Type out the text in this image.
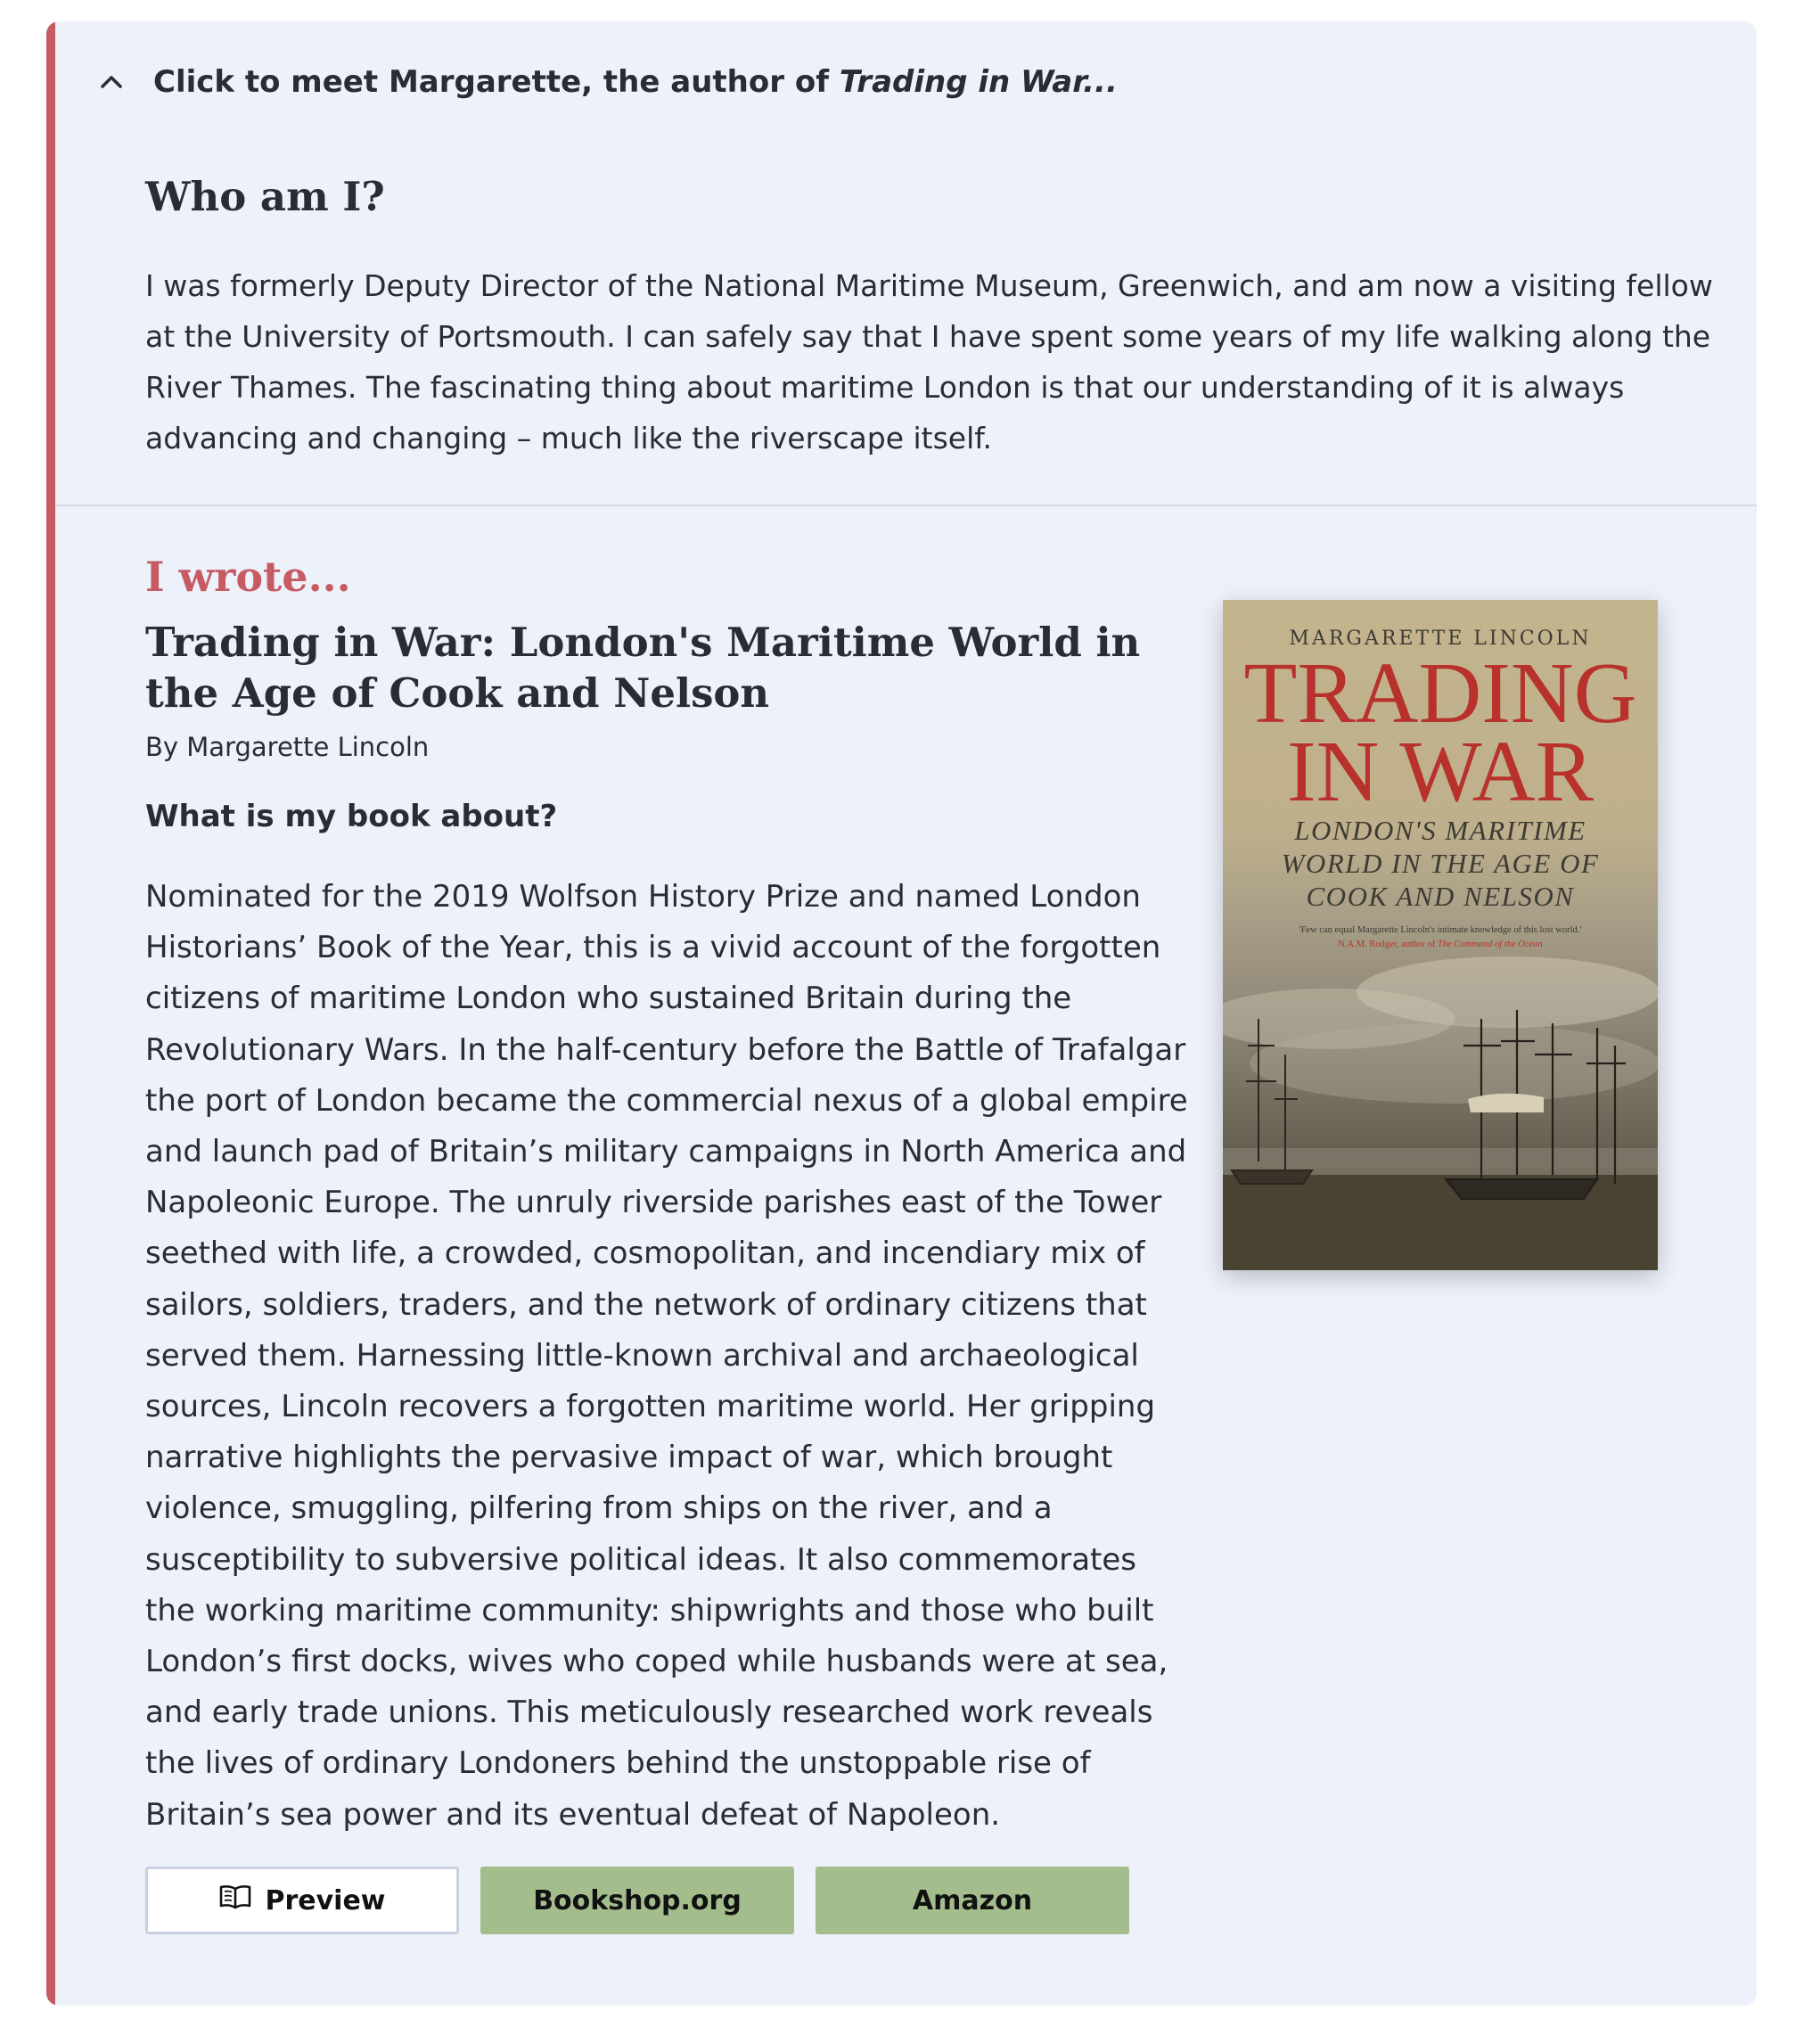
Click to meet Margarette, the author of Trading in War...
Who am I?

I was formerly Deputy Director of the National Maritime Museum, Greenwich, and am now a visiting fellow at the University of Portsmouth. I can safely say that I have spent some years of my life walking along the River Thames. The fascinating thing about maritime London is that our understanding of it is always advancing and changing – much like the riverscape itself.

I wrote...
Trading in War: London's Maritime World in the Age of Cook and Nelson
By Margarette Lincoln
What is my book about?

Nominated for the 2019 Wolfson History Prize and named London Historians’ Book of the Year, this is a vivid account of the forgotten citizens of maritime London who sustained Britain during the Revolutionary Wars. In the half-century before the Battle of Trafalgar the port of London became the commercial nexus of a global empire and launch pad of Britain’s military campaigns in North America and Napoleonic Europe. The unruly riverside parishes east of the Tower seethed with life, a crowded, cosmopolitan, and incendiary mix of sailors, soldiers, traders, and the network of ordinary citizens that served them. Harnessing little-known archival and archaeological sources, Lincoln recovers a forgotten maritime world. Her gripping narrative highlights the pervasive impact of war, which brought violence, smuggling, pilfering from ships on the river, and a susceptibility to subversive political ideas. It also commemorates the working maritime community: shipwrights and those who built London’s first docks, wives who coped while husbands were at sea, and early trade unions. This meticulously researched work reveals the lives of ordinary Londoners behind the unstoppable rise of Britain’s sea power and its eventual defeat of Napoleon.

Preview	Bookshop.org	Amazon
MARGARETTE LINCOLN
TRADING
IN WAR
LONDON'S MARITIME
WORLD IN THE AGE OF
COOK AND NELSON
'Few can equal Margarette Lincoln's intimate knowledge of this lost world.'
N.A.M. Rodger, author of The Command of the Ocean
